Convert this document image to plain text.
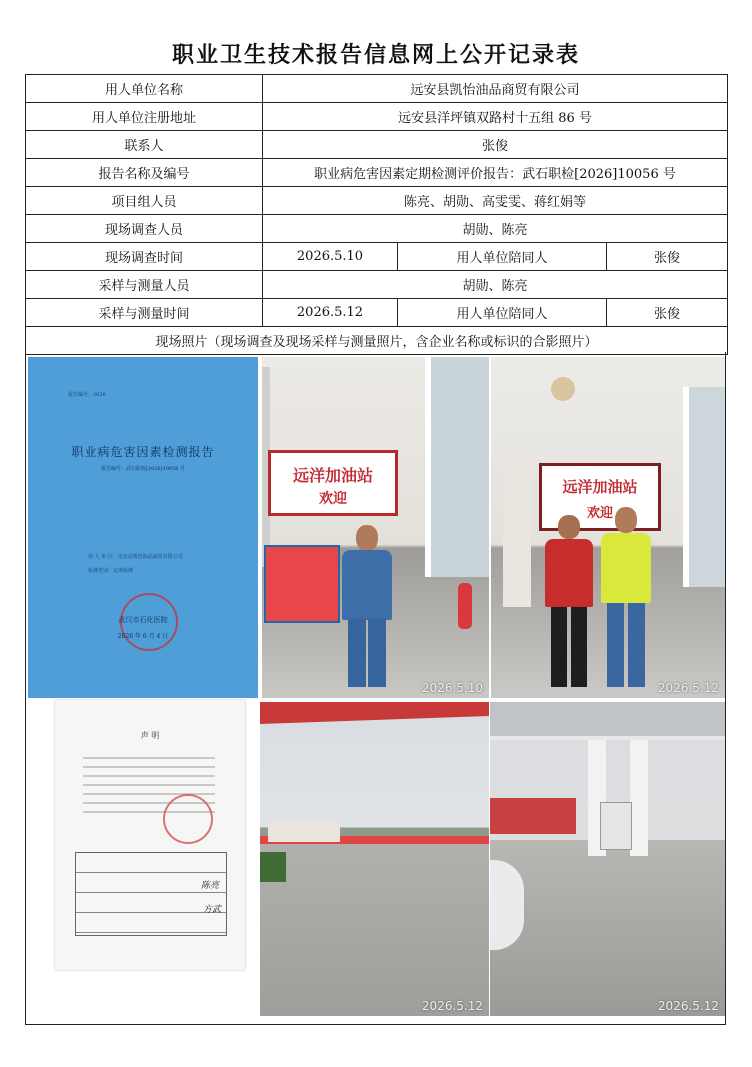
职业卫生技术报告信息网上公开记录表
用人单位名称	远安县凯怡油品商贸有限公司		
用人单位注册地址	远安县洋坪镇双路村十五组 86 号		
联系人	张俊		
报告名称及编号	职业病危害因素定期检测评价报告：武石职检[2026]10056 号		
项目组人员	陈亮、胡勋、高雯雯、蒋红娟等		
现场调查人员	胡勋、陈亮		
现场调查时间	2026.5.10	用人单位陪同人	张俊
采样与测量人员	胡勋、陈亮		
采样与测量时间	2026.5.12	用人单位陪同人	张俊
现场照片（现场调查及现场采样与测量照片，含企业名称或标识的合影照片）			
报告编号：2026
职业病危害因素检测报告
报告编号：武石职检[2026]10056 号
用 人 单 位：远安县凯怡油品商贸有限公司
检测类别：定期检测
武汉市石化医院
2026 年 6 月 4 日
远洋加油站
欢迎
2026.5.10
远洋加油站
欢迎
2026.5.12
声 明
陈亮
方武
2026.5.12	2026.5.12
